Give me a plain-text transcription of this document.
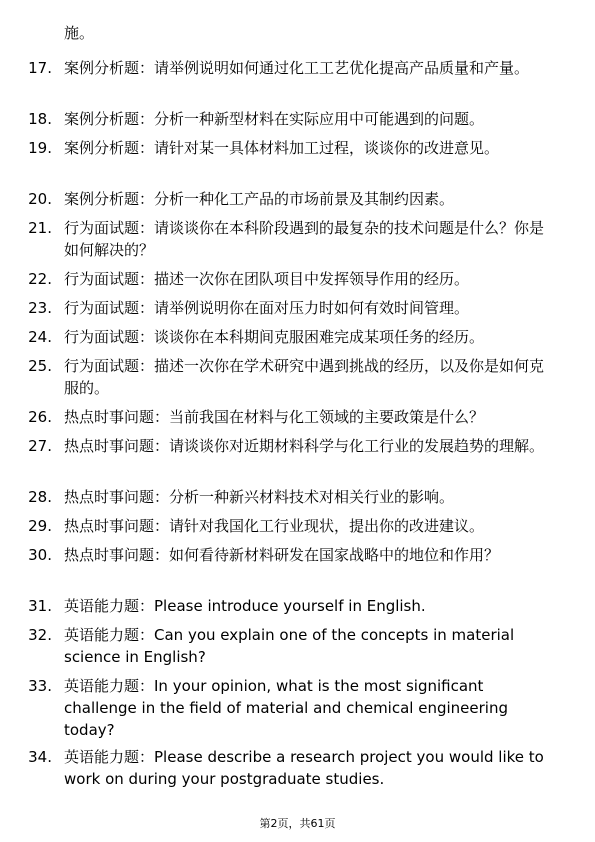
施。
17. 案例分析题：请举例说明如何通过化工工艺优化提高产品质量和产量。
18. 案例分析题：分析一种新型材料在实际应用中可能遇到的问题。
19. 案例分析题：请针对某一具体材料加工过程，谈谈你的改进意见。
20. 案例分析题：分析一种化工产品的市场前景及其制约因素。
21. 行为面试题：请谈谈你在本科阶段遇到的最复杂的技术问题是什么？你是如何解决的？
22. 行为面试题：描述一次你在团队项目中发挥领导作用的经历。
23. 行为面试题：请举例说明你在面对压力时如何有效时间管理。
24. 行为面试题：谈谈你在本科期间克服困难完成某项任务的经历。
25. 行为面试题：描述一次你在学术研究中遇到挑战的经历，以及你是如何克服的。
26. 热点时事问题：当前我国在材料与化工领域的主要政策是什么？
27. 热点时事问题：请谈谈你对近期材料科学与化工行业的发展趋势的理解。
28. 热点时事问题：分析一种新兴材料技术对相关行业的影响。
29. 热点时事问题：请针对我国化工行业现状，提出你的改进建议。
30. 热点时事问题：如何看待新材料研发在国家战略中的地位和作用？
31. 英语能力题：Please introduce yourself in English.
32. 英语能力题：Can you explain one of the concepts in material science in English?
33. 英语能力题：In your opinion, what is the most significant challenge in the field of material and chemical engineering today?
34. 英语能力题：Please describe a research project you would like to work on during your postgraduate studies.
第2页，共61页
